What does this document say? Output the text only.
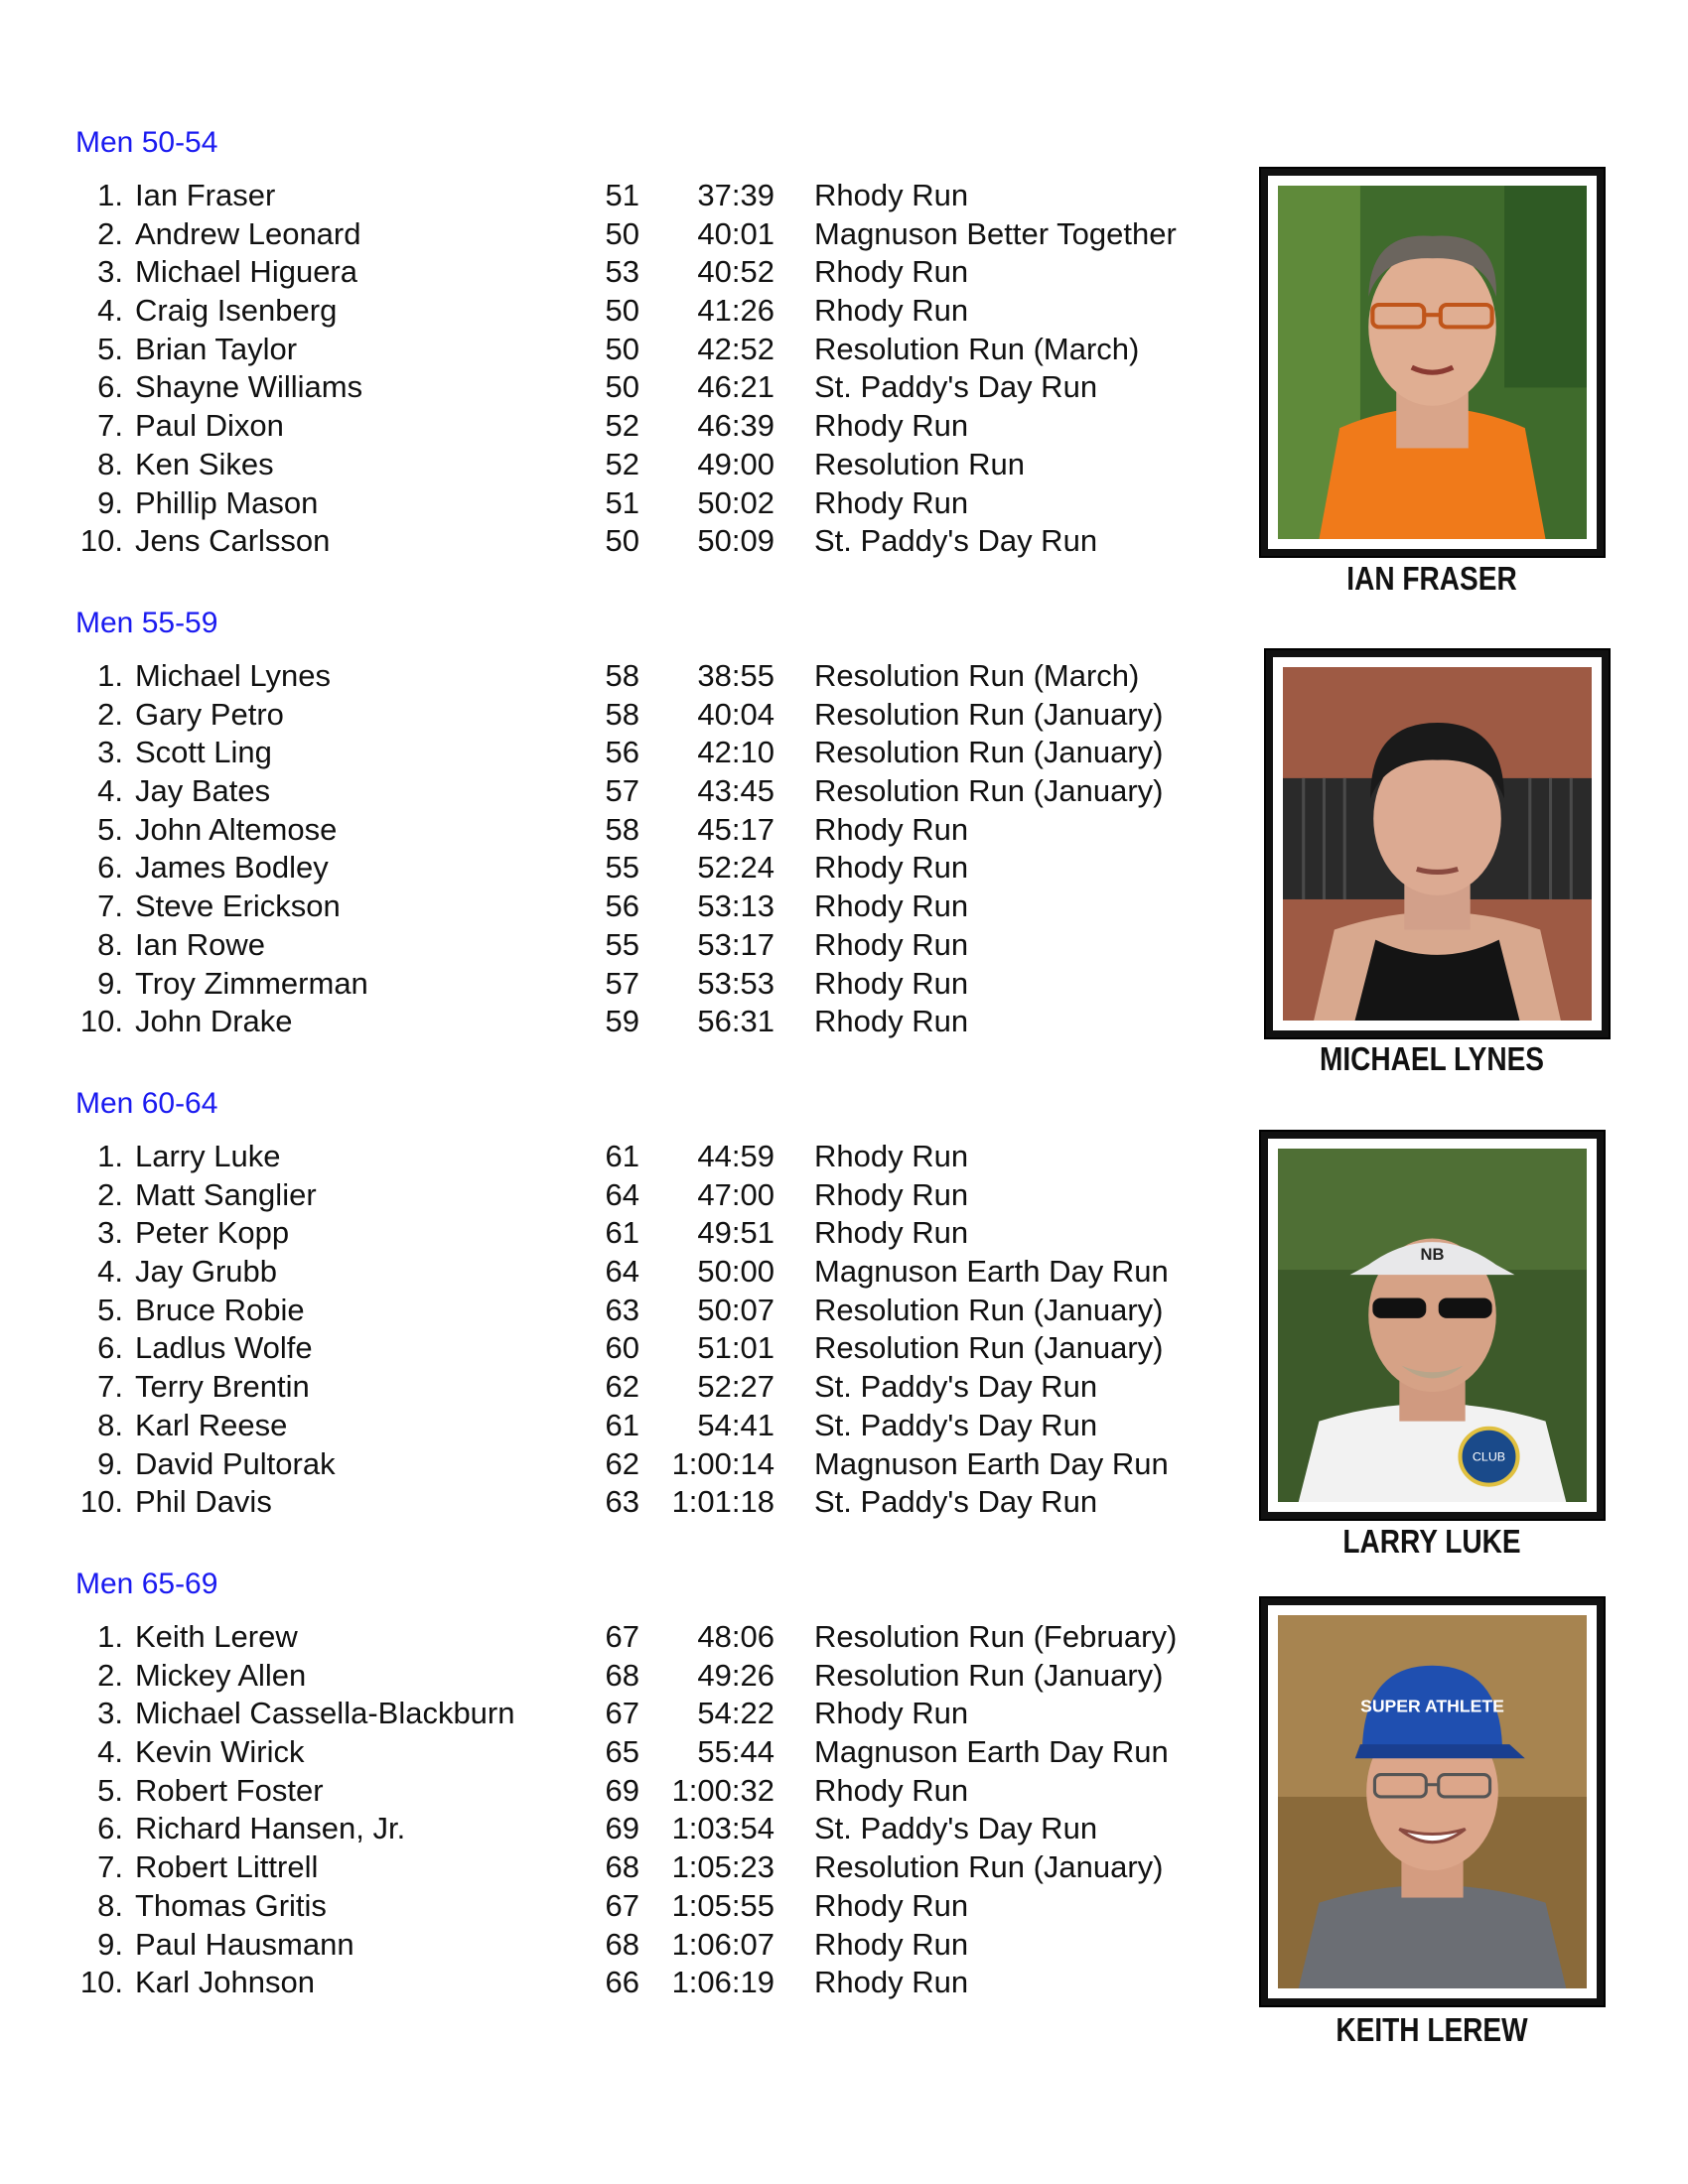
Men 50-54
1. Ian Fraser	51	37:39 Rhody Run
2. Andrew Leonard	50	40:01 Magnuson Better Together
3. Michael Higuera	53	40:52 Rhody Run
4. Craig Isenberg	50	41:26 Rhody Run
5. Brian Taylor	50	42:52 Resolution Run (March)
6. Shayne Williams	50	46:21 St. Paddy's Day Run
7. Paul Dixon	52	46:39 Rhody Run
8. Ken Sikes	52	49:00 Resolution Run
9. Phillip Mason	51	50:02 Rhody Run
10. Jens Carlsson	50	50:09 St. Paddy's Day Run
Men 55-59
1. Michael Lynes	58	38:55 Resolution Run (March)
2. Gary Petro	58	40:04 Resolution Run (January)
3. Scott Ling	56	42:10 Resolution Run (January)
4. Jay Bates	57	43:45 Resolution Run (January)
5. John Altemose	58	45:17 Rhody Run
6. James Bodley	55	52:24 Rhody Run
7. Steve Erickson	56	53:13 Rhody Run
8. Ian Rowe	55	53:17 Rhody Run
9. Troy Zimmerman	57	53:53 Rhody Run
10. John Drake	59	56:31 Rhody Run
Men 60-64
1. Larry Luke	61	44:59 Rhody Run
2. Matt Sanglier	64	47:00 Rhody Run
3. Peter Kopp	61	49:51 Rhody Run
4. Jay Grubb	64	50:00 Magnuson Earth Day Run
5. Bruce Robie	63	50:07 Resolution Run (January)
6. Ladlus Wolfe	60	51:01 Resolution Run (January)
7. Terry Brentin	62	52:27 St. Paddy's Day Run
8. Karl Reese	61	54:41 St. Paddy's Day Run
9. David Pultorak	62	1:00:14 Magnuson Earth Day Run
10. Phil Davis	63	1:01:18 St. Paddy's Day Run
Men 65-69
1. Keith Lerew	67	48:06 Resolution Run (February)
2. Mickey Allen	68	49:26 Resolution Run (January)
3. Michael Cassella-Blackburn	67	54:22 Rhody Run
4. Kevin Wirick	65	55:44 Magnuson Earth Day Run
5. Robert Foster	69	1:00:32 Rhody Run
6. Richard Hansen, Jr.	69	1:03:54 St. Paddy's Day Run
7. Robert Littrell	68	1:05:23 Resolution Run (January)
8. Thomas Gritis	67	1:05:55 Rhody Run
9. Paul Hausmann	68	1:06:07 Rhody Run
10. Karl Johnson	66	1:06:19 Rhody Run
IAN FRASER
MICHAEL LYNES
CLUB
NB
LARRY LUKE
SUPER ATHLETE
KEITH LEREW
